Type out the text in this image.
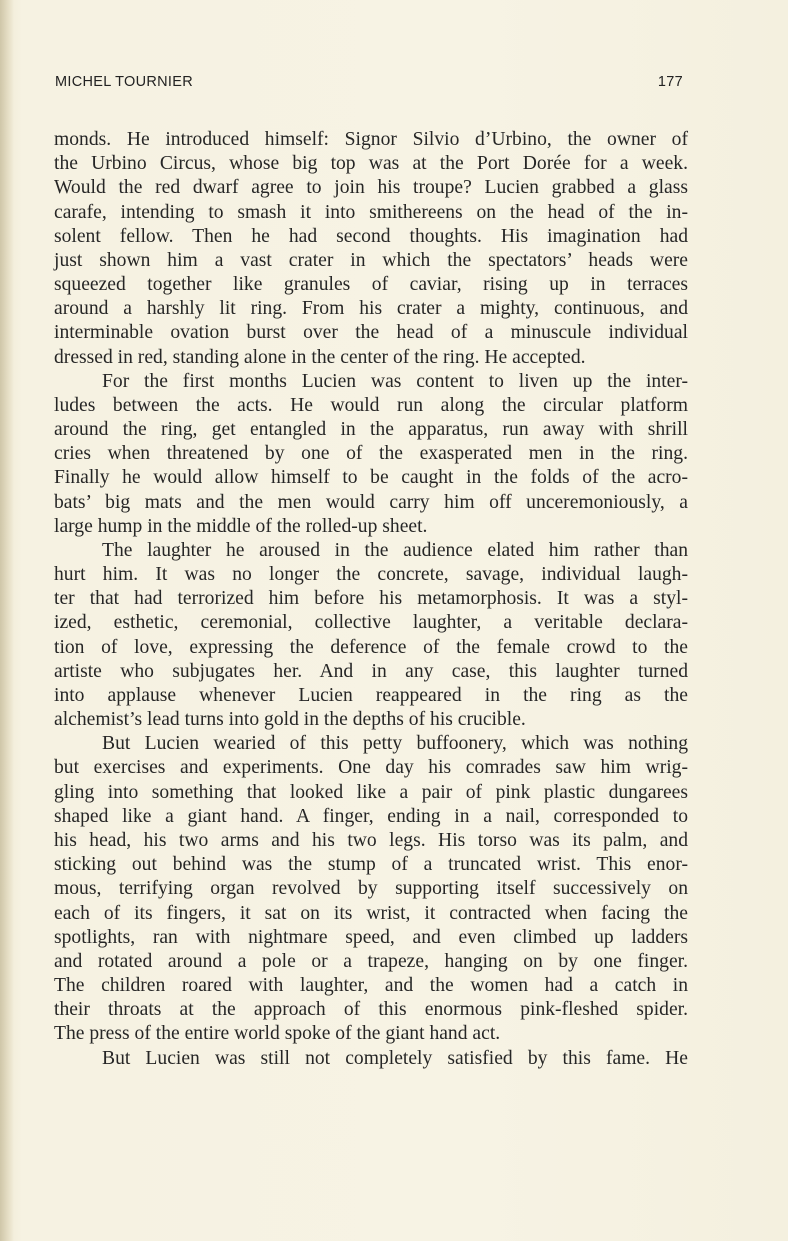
MICHEL TOURNIER	177
monds. He introduced himself: Signor Silvio d’Urbino, the owner of
the Urbino Circus, whose big top was at the Port Dorée for a week.
Would the red dwarf agree to join his troupe? Lucien grabbed a glass
carafe, intending to smash it into smithereens on the head of the in-
solent fellow. Then he had second thoughts. His imagination had
just shown him a vast crater in which the spectators’ heads were
squeezed together like granules of caviar, rising up in terraces
around a harshly lit ring. From his crater a mighty, continuous, and
interminable ovation burst over the head of a minuscule individual
dressed in red, standing alone in the center of the ring. He accepted.
For the first months Lucien was content to liven up the inter-
ludes between the acts. He would run along the circular platform
around the ring, get entangled in the apparatus, run away with shrill
cries when threatened by one of the exasperated men in the ring.
Finally he would allow himself to be caught in the folds of the acro-
bats’ big mats and the men would carry him off unceremoniously, a
large hump in the middle of the rolled-up sheet.
The laughter he aroused in the audience elated him rather than
hurt him. It was no longer the concrete, savage, individual laugh-
ter that had terrorized him before his metamorphosis. It was a styl-
ized, esthetic, ceremonial, collective laughter, a veritable declara-
tion of love, expressing the deference of the female crowd to the
artiste who subjugates her. And in any case, this laughter turned
into applause whenever Lucien reappeared in the ring as the
alchemist’s lead turns into gold in the depths of his crucible.
But Lucien wearied of this petty buffoonery, which was nothing
but exercises and experiments. One day his comrades saw him wrig-
gling into something that looked like a pair of pink plastic dungarees
shaped like a giant hand. A finger, ending in a nail, corresponded to
his head, his two arms and his two legs. His torso was its palm, and
sticking out behind was the stump of a truncated wrist. This enor-
mous, terrifying organ revolved by supporting itself successively on
each of its fingers, it sat on its wrist, it contracted when facing the
spotlights, ran with nightmare speed, and even climbed up ladders
and rotated around a pole or a trapeze, hanging on by one finger.
The children roared with laughter, and the women had a catch in
their throats at the approach of this enormous pink-fleshed spider.
The press of the entire world spoke of the giant hand act.
But Lucien was still not completely satisfied by this fame. He
